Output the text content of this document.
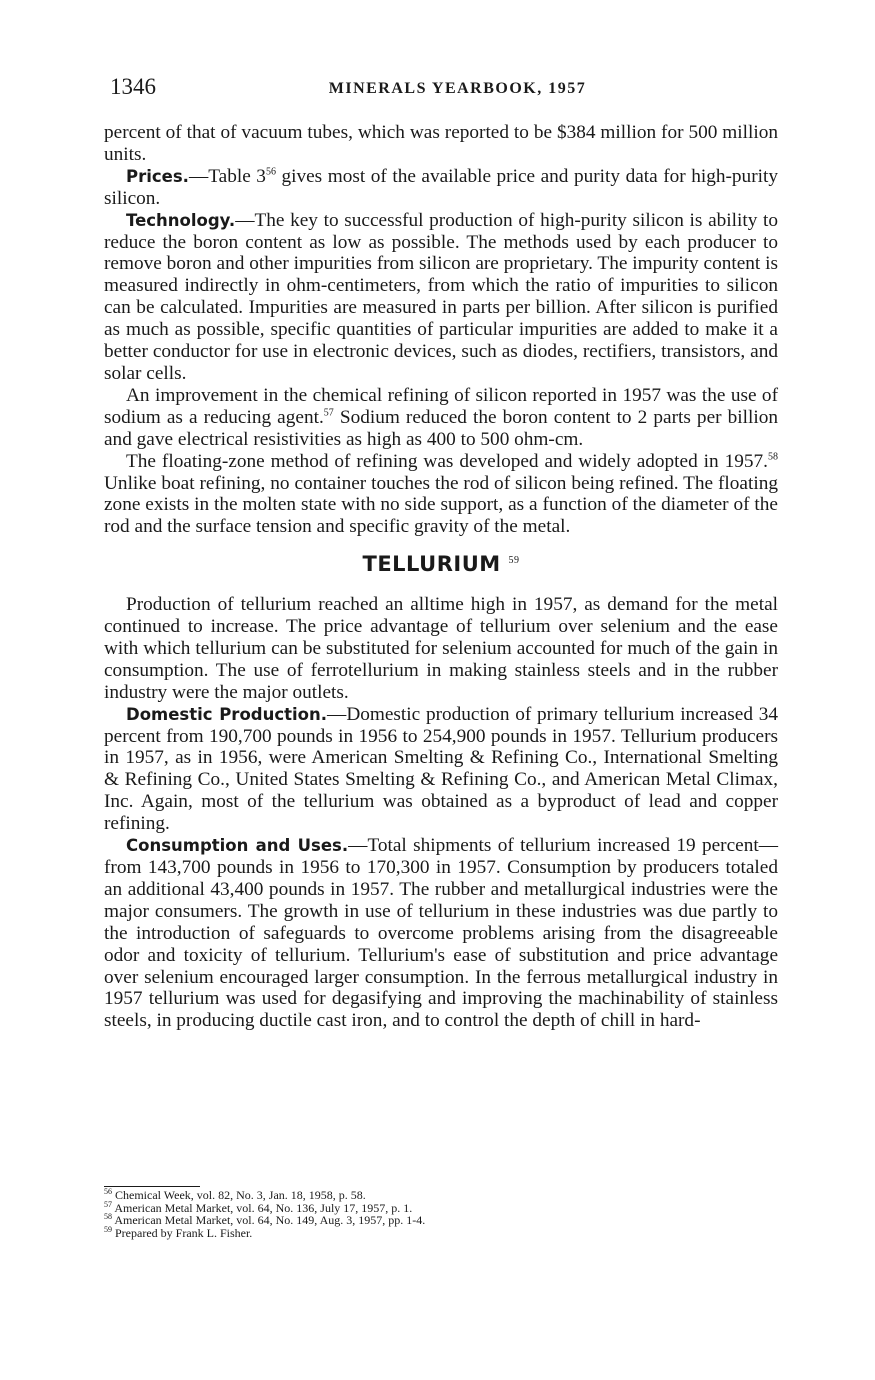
1346	MINERALS YEARBOOK, 1957

percent of that of vacuum tubes, which was reported to be $384 million for 500 million units.

Prices.—Table $3^{56}$ gives most of the available price and purity data for high-purity silicon.

Technology.—The key to successful production of high-purity silicon is ability to reduce the boron content as low as possible. The methods used by each producer to remove boron and other impurities from silicon are proprietary. The impurity content is measured indirectly in ohm-centimeters, from which the ratio of impurities to silicon can be calculated. Impurities are measured in parts per billion. After silicon is purified as much as possible, specific quantities of particular impurities are added to make it a better conductor for use in electronic devices, such as diodes, rectifiers, transistors, and solar cells.

An improvement in the chemical refining of silicon reported in 1957 was the use of sodium as a reducing agent.$^{57}$ Sodium reduced the boron content to 2 parts per billion and gave electrical resistivities as high as 400 to 500 ohm-cm.

The floating-zone method of refining was developed and widely adopted in 1957.58 Unlike boat refining, no container touches the rod of silicon being refined. The floating zone exists in the molten state with no side support, as a function of the diameter of the rod and the surface tension and specific gravity of the metal.

TELLURIUM $^{59}$

Production of tellurium reached an alltime high in 1957, as demand for the metal continued to increase. The price advantage of tellurium over selenium and the ease with which tellurium can be substituted for selenium accounted for much of the gain in consumption. The use of ferrotellurium in making stainless steels and in the rubber industry were the major outlets.

Domestic Production.—Domestic production of primary tellurium increased 34 percent from 190,700 pounds in 1956 to 254,900 pounds in 1957. Tellurium producers in 1957, as in 1956, were American Smelting & Refining Co., International Smelting & Refining Co., United States Smelting & Refining Co., and American Metal Climax, Inc. Again, most of the tellurium was obtained as a byproduct of lead and copper refining.

Consumption and Uses.—Total shipments of tellurium increased 19 percent—from 143,700 pounds in 1956 to 170,300 in 1957. Consumption by producers totaled an additional 43,400 pounds in 1957. The rubber and metallurgical industries were the major consumers. The growth in use of tellurium in these industries was due partly to the introduction of safeguards to overcome problems arising from the disagreeable odor and toxicity of tellurium. Tellurium's ease of substitution and price advantage over selenium encouraged larger consumption. In the ferrous metallurgical industry in 1957 tellurium was used for degasifying and improving the machinability of stainless steels, in producing ductile cast iron, and to control the depth of chill in hard-

$^{56}$ Chemical Week, vol. 82, No. 3, Jan. 18, 1958, p. 58.

$^{57}$ American Metal Market, vol. 64, No. 136, July 17, 1957, p. 1.

$^{58}$ American Metal Market, vol. 64, No. 149, Aug. 3, 1957, pp. 1-4.

$^{59}$ Prepared by Frank L. Fisher.
